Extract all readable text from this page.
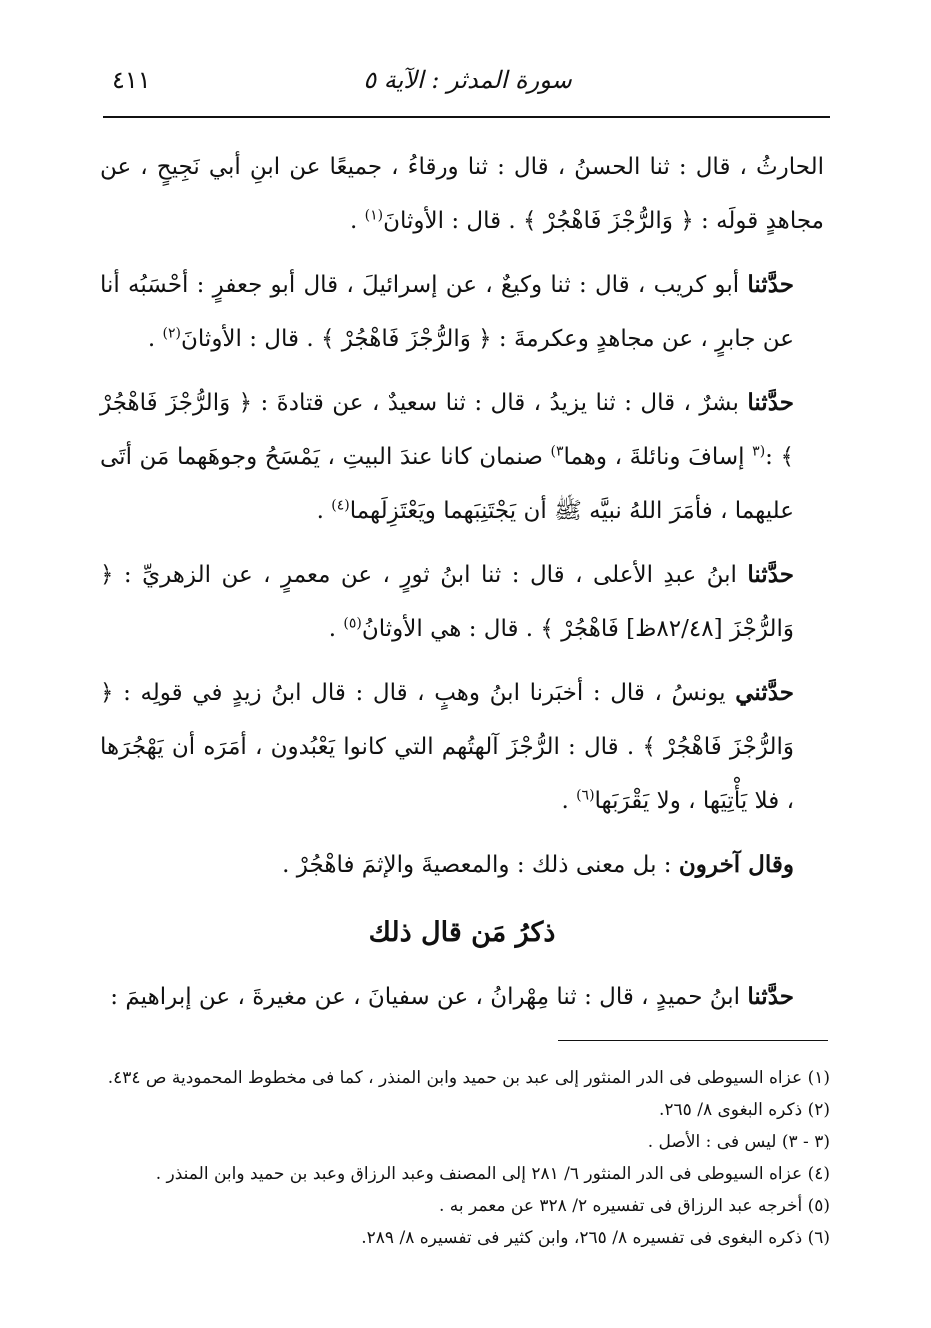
سورة المدثر : الآية ٥
٤١١

الحارثُ ، قال : ثنا الحسنُ ، قال : ثنا ورقاءُ ، جميعًا عن ابنِ أبي نَجِيحٍ ، عن مجاهدٍ قولَه : ﴿ وَالرُّجْزَ فَاهْجُرْ ﴾ . قال : الأوثانَ$^{(١)}$ .

حدَّثنا أبو كريب ، قال : ثنا وكيعٌ ، عن إسرائيلَ ، قال أبو جعفرٍ : أحْسَبُه أنا عن جابرٍ ، عن مجاهدٍ وعكرمةَ : ﴿ وَالرُّجْزَ فَاهْجُرْ ﴾ . قال : الأوثانَ$^{(٢)}$ .

حدَّثنا بشرٌ ، قال : ثنا يزيدُ ، قال : ثنا سعيدٌ ، عن قتادةَ : ﴿ وَالرُّجْزَ فَاهْجُرْ ﴾ :$^{(٣}$ إسافَ ونائلةَ ، وهما$^{٣)}$ صنمان كانا عندَ البيتِ ، يَمْسَحُ وجوهَهما مَن أتَى عليهما ، فأمَرَ اللهُ نبيَّه ﷺ أن يَجْتَنِبَهما ويَعْتَزِلَهما$^{(٤)}$ .

حدَّثنا ابنُ عبدِ الأعلى ، قال : ثنا ابنُ ثورٍ ، عن معمرٍ ، عن الزهريِّ : ﴿ وَالرُّجْزَ [٨٢/٤٨ظ] فَاهْجُرْ ﴾ . قال : هي الأوثانُ$^{(٥)}$ .

حدَّثني يونسُ ، قال : أخبَرنا ابنُ وهبٍ ، قال : قال ابنُ زيدٍ في قولِه : ﴿ وَالرُّجْزَ فَاهْجُرْ ﴾ . قال : الرُّجْزَ آلهتُهم التي كانوا يَعْبُدون ، أمَرَه أن يَهْجُرَها ، فلا يَأْتِيَها ، ولا يَقْرَبَها$^{(٦)}$ .

وقال آخرون : بل معنى ذلك : والمعصيةَ والإثمَ فاهْجُرْ .

ذكرُ مَن قال ذلك

حدَّثنا ابنُ حميدٍ ، قال : ثنا مِهْرانُ ، عن سفيانَ ، عن مغيرةَ ، عن إبراهيمَ :

(١) عزاه السيوطى فى الدر المنثور إلى عبد بن حميد وابن المنذر ، كما فى مخطوط المحمودية ص ٤٣٤.

(٢) ذكره البغوى ٨/ ٢٦٥.

(٣ - ٣) ليس فى : الأصل .

(٤) عزاه السيوطى فى الدر المنثور ٦/ ٢٨١ إلى المصنف وعبد الرزاق وعبد بن حميد وابن المنذر .

(٥) أخرجه عبد الرزاق فى تفسيره ٢/ ٣٢٨ عن معمر به .

(٦) ذكره البغوى فى تفسيره ٨/ ٢٦٥، وابن كثير فى تفسيره ٨/ ٢٨٩.
